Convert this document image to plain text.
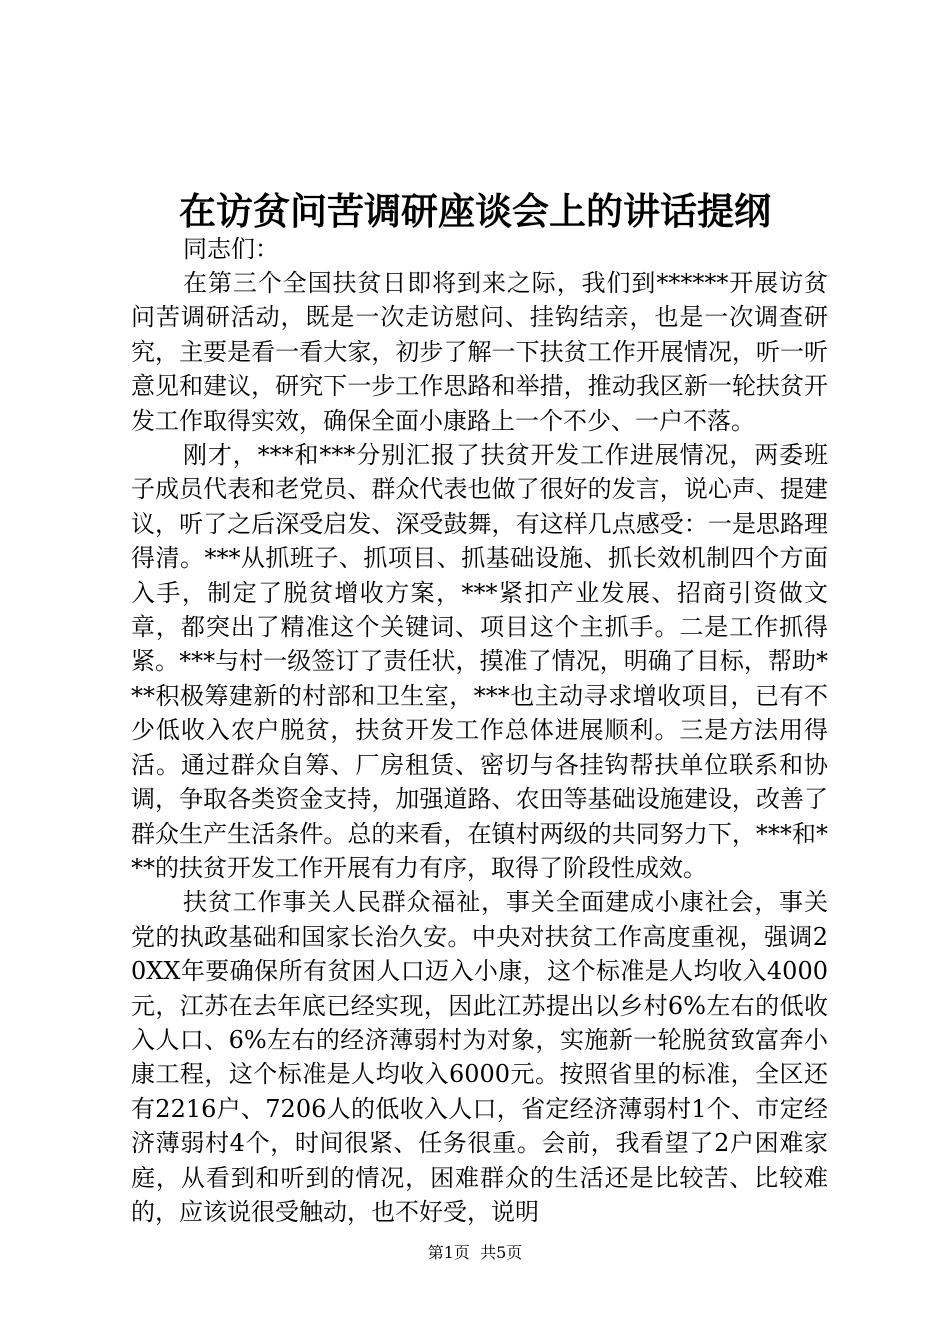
在访贫问苦调研座谈会上的讲话提纲

同志们：

在第三个全国扶贫日即将到来之际，我们到******开展访贫问苦调研活动，既是一次走访慰问、挂钩结亲，也是一次调查研究，主要是看一看大家，初步了解一下扶贫工作开展情况，听一听意见和建议，研究下一步工作思路和举措，推动我区新一轮扶贫开发工作取得实效，确保全面小康路上一个不少、一户不落。

刚才，***和***分别汇报了扶贫开发工作进展情况，两委班子成员代表和老党员、群众代表也做了很好的发言，说心声、提建议，听了之后深受启发、深受鼓舞，有这样几点感受：一是思路理得清。***从抓班子、抓项目、抓基础设施、抓长效机制四个方面入手，制定了脱贫增收方案，***紧扣产业发展、招商引资做文章，都突出了精准这个关键词、项目这个主抓手。二是工作抓得紧。***与村一级签订了责任状，摸准了情况，明确了目标，帮助***积极筹建新的村部和卫生室，***也主动寻求增收项目，已有不少低收入农户脱贫，扶贫开发工作总体进展顺利。三是方法用得活。通过群众自筹、厂房租赁、密切与各挂钩帮扶单位联系和协调，争取各类资金支持，加强道路、农田等基础设施建设，改善了群众生产生活条件。总的来看，在镇村两级的共同努力下，***和***的扶贫开发工作开展有力有序，取得了阶段性成效。

扶贫工作事关人民群众福祉，事关全面建成小康社会，事关党的执政基础和国家长治久安。中央对扶贫工作高度重视，强调20XX年要确保所有贫困人口迈入小康，这个标准是人均收入4000元，江苏在去年底已经实现，因此江苏提出以乡村6%左右的低收入人口、6%左右的经济薄弱村为对象，实施新一轮脱贫致富奔小康工程，这个标准是人均收入6000元。按照省里的标准，全区还有2216户、7206人的低收入人口，省定经济薄弱村1个、市定经济薄弱村4个，时间很紧、任务很重。会前，我看望了2户困难家庭，从看到和听到的情况，困难群众的生活还是比较苦、比较难的，应该说很受触动，也不好受，说明

第1页  共5页
